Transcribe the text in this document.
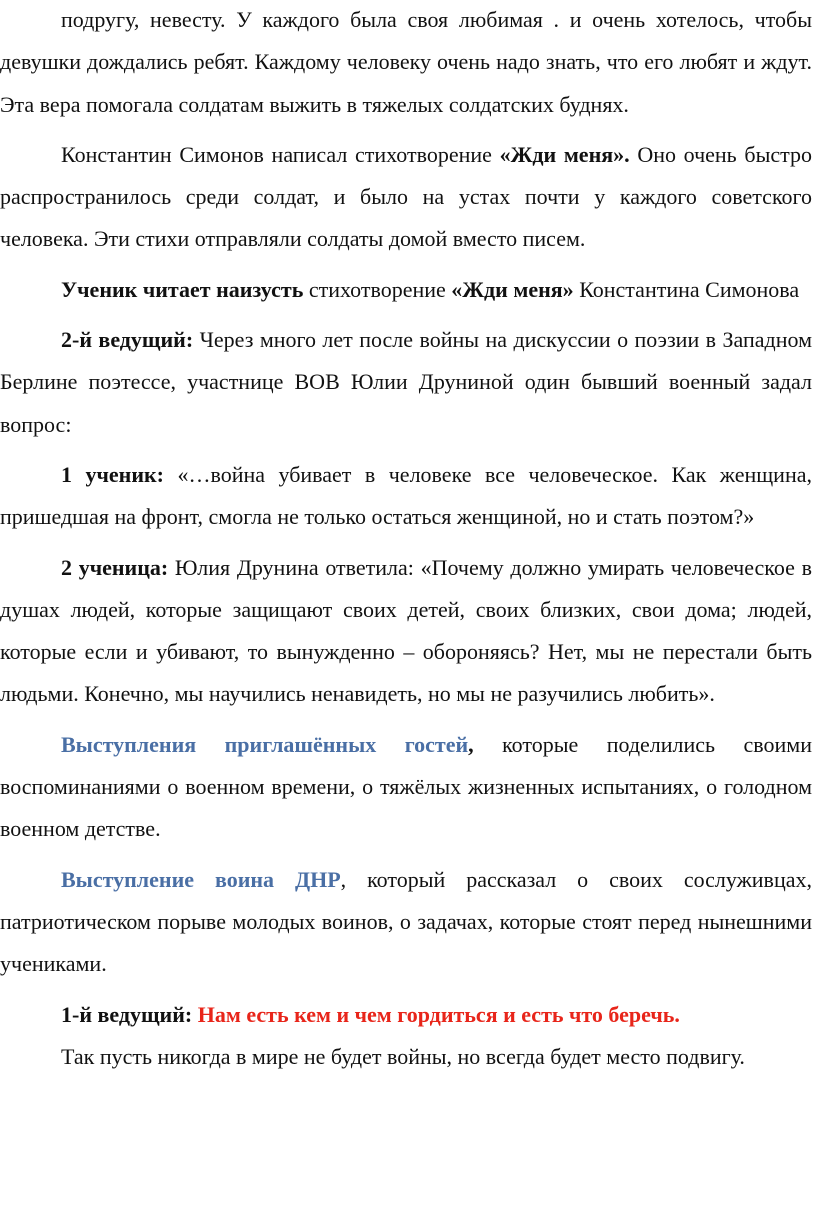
подругу, невесту. У каждого была своя любимая . и очень хотелось, чтобы девушки дождались ребят. Каждому человеку очень надо знать, что его любят и ждут. Эта вера помогала солдатам выжить в тяжелых солдатских буднях.

Константин Симонов написал стихотворение «Жди меня». Оно очень быстро распространилось среди солдат, и было на устах почти у каждого советского человека. Эти стихи отправляли солдаты домой вместо писем.

Ученик читает наизусть стихотворение «Жди меня» Константина Симонова

2-й ведущий: Через много лет после войны на дискуссии о поэзии в Западном Берлине поэтессе, участнице ВОВ Юлии Друниной один бывший военный задал вопрос:

1 ученик: «…война убивает в человеке все человеческое. Как женщина, пришедшая на фронт, смогла не только остаться женщиной, но и стать поэтом?»

2 ученица: Юлия Друнина ответила: «Почему должно умирать человеческое в душах людей, которые защищают своих детей, своих близких, свои дома; людей, которые если и убивают, то вынужденно – обороняясь? Нет, мы не перестали быть людьми. Конечно, мы научились ненавидеть, но мы не разучились любить».

Выступления приглашённых гостей, которые поделились своими воспоминаниями о военном времени, о тяжёлых жизненных испытаниях, о голодном военном детстве.

Выступление воина ДНР, который рассказал о своих сослуживцах, патриотическом порыве молодых воинов, о задачах, которые стоят перед нынешними учениками.

1-й ведущий: Нам есть кем и чем гордиться и есть что беречь.

Так пусть никогда в мире не будет войны, но всегда будет место подвигу.
